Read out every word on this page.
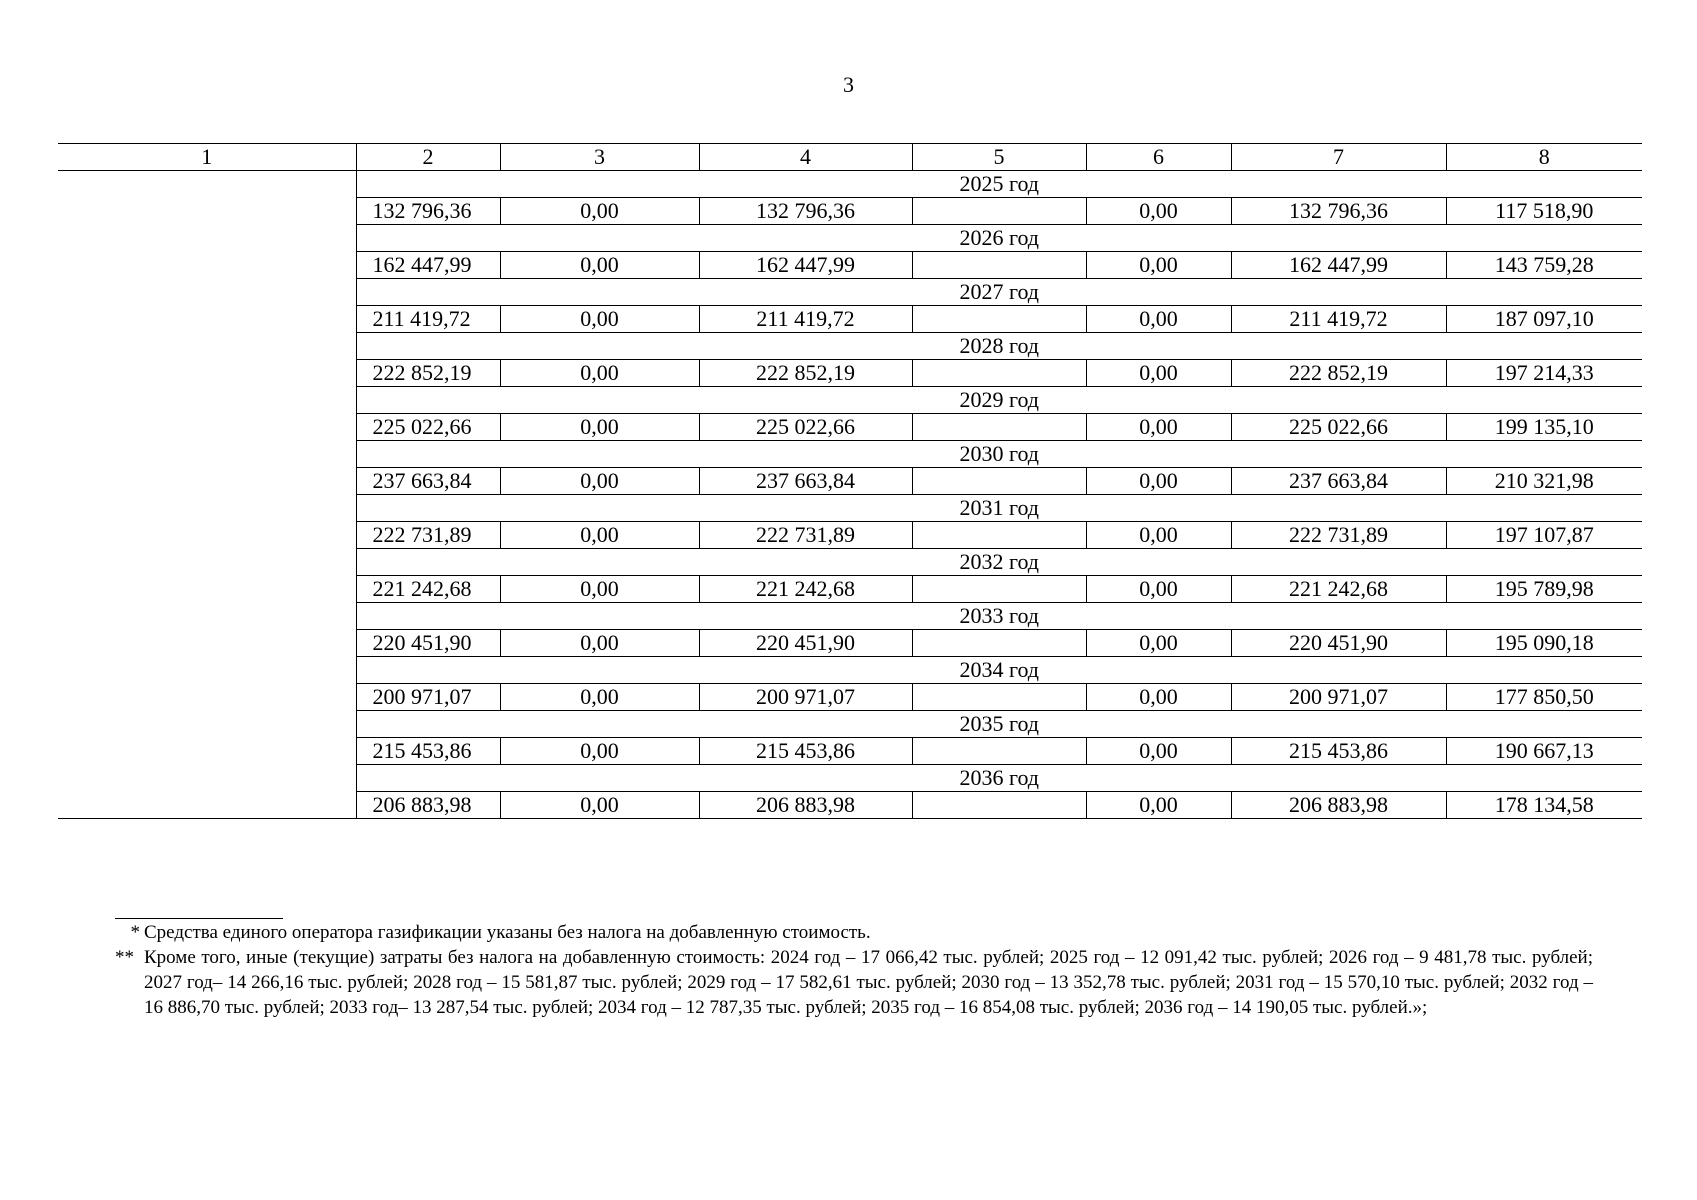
3
1	2	3	4	5	6	7	8
	2025 год						
	132 796,36	0,00	132 796,36		0,00	132 796,36	117 518,90
	2026 год						
	162 447,99	0,00	162 447,99		0,00	162 447,99	143 759,28
	2027 год						
	211 419,72	0,00	211 419,72		0,00	211 419,72	187 097,10
	2028 год						
	222 852,19	0,00	222 852,19		0,00	222 852,19	197 214,33
	2029 год						
	225 022,66	0,00	225 022,66		0,00	225 022,66	199 135,10
	2030 год						
	237 663,84	0,00	237 663,84		0,00	237 663,84	210 321,98
	2031 год						
	222 731,89	0,00	222 731,89		0,00	222 731,89	197 107,87
	2032 год						
	221 242,68	0,00	221 242,68		0,00	221 242,68	195 789,98
	2033 год						
	220 451,90	0,00	220 451,90		0,00	220 451,90	195 090,18
	2034 год						
	200 971,07	0,00	200 971,07		0,00	200 971,07	177 850,50
	2035 год						
	215 453,86	0,00	215 453,86		0,00	215 453,86	190 667,13
	2036 год						
	206 883,98	0,00	206 883,98		0,00	206 883,98	178 134,58
* Средства единого оператора газификации указаны без налога на добавленную стоимость.
** Кроме того, иные (текущие) затраты без налога на добавленную стоимость: 2024 год – 17 066,42 тыс. рублей; 2025 год – 12 091,42 тыс. рублей; 2026 год – 9 481,78 тыс. рублей; 2027 год– 14 266,16 тыс. рублей; 2028 год – 15 581,87 тыс. рублей; 2029 год – 17 582,61 тыс. рублей; 2030 год – 13 352,78 тыс. рублей; 2031 год – 15 570,10 тыс. рублей; 2032 год – 16 886,70 тыс. рублей; 2033 год– 13 287,54 тыс. рублей; 2034 год – 12 787,35 тыс. рублей; 2035 год – 16 854,08 тыс. рублей; 2036 год – 14 190,05 тыс. рублей.»;
